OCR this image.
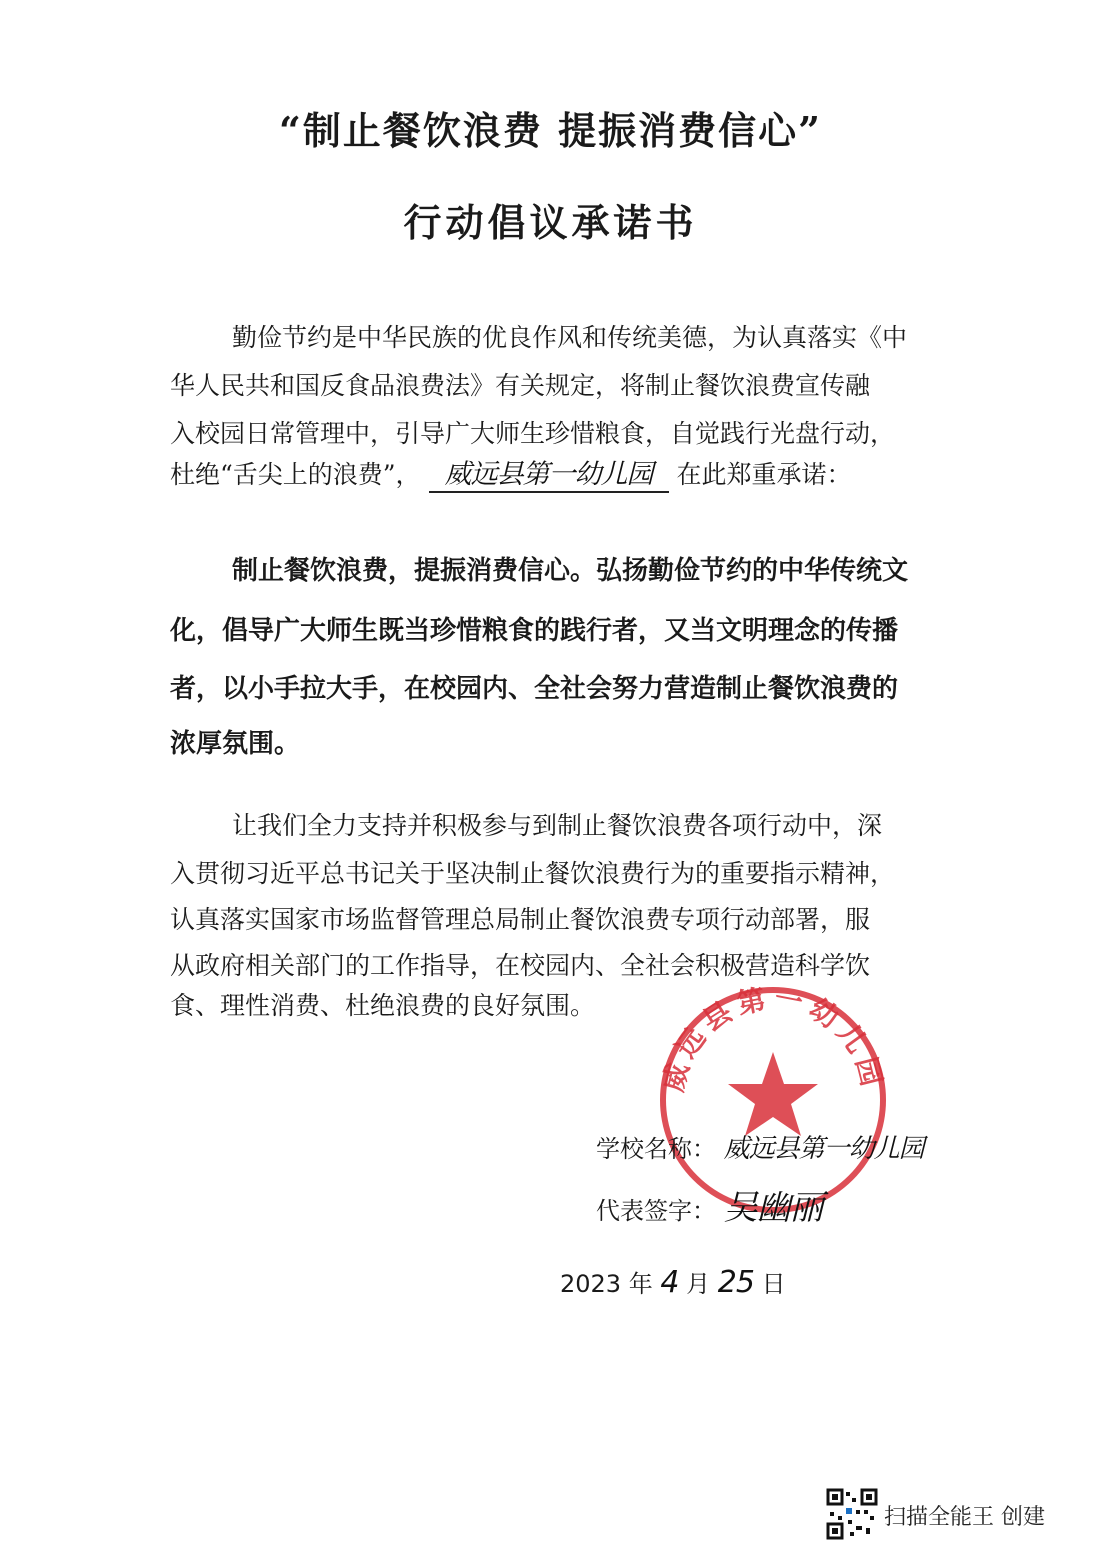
“制止餐饮浪费 提振消费信心”
行动倡议承诺书
勤俭节约是中华民族的优良作风和传统美德，为认真落实《中
华人民共和国反食品浪费法》有关规定，将制止餐饮浪费宣传融
入校园日常管理中，引导广大师生珍惜粮食，自觉践行光盘行动，
杜绝“舌尖上的浪费”， 威远县第一幼儿园 在此郑重承诺：
制止餐饮浪费，提振消费信心。弘扬勤俭节约的中华传统文
化，倡导广大师生既当珍惜粮食的践行者，又当文明理念的传播
者，以小手拉大手，在校园内、全社会努力营造制止餐饮浪费的
浓厚氛围。
让我们全力支持并积极参与到制止餐饮浪费各项行动中，深
入贯彻习近平总书记关于坚决制止餐饮浪费行为的重要指示精神，
认真落实国家市场监督管理总局制止餐饮浪费专项行动部署，服
从政府相关部门的工作指导，在校园内、全社会积极营造科学饮
食、理性消费、杜绝浪费的良好氛围。
威远县第一幼儿园
学校名称： 威远县第一幼儿园
代表签字： 吴幽丽
2023 年 4 月 25 日
扫描全能王 创建
